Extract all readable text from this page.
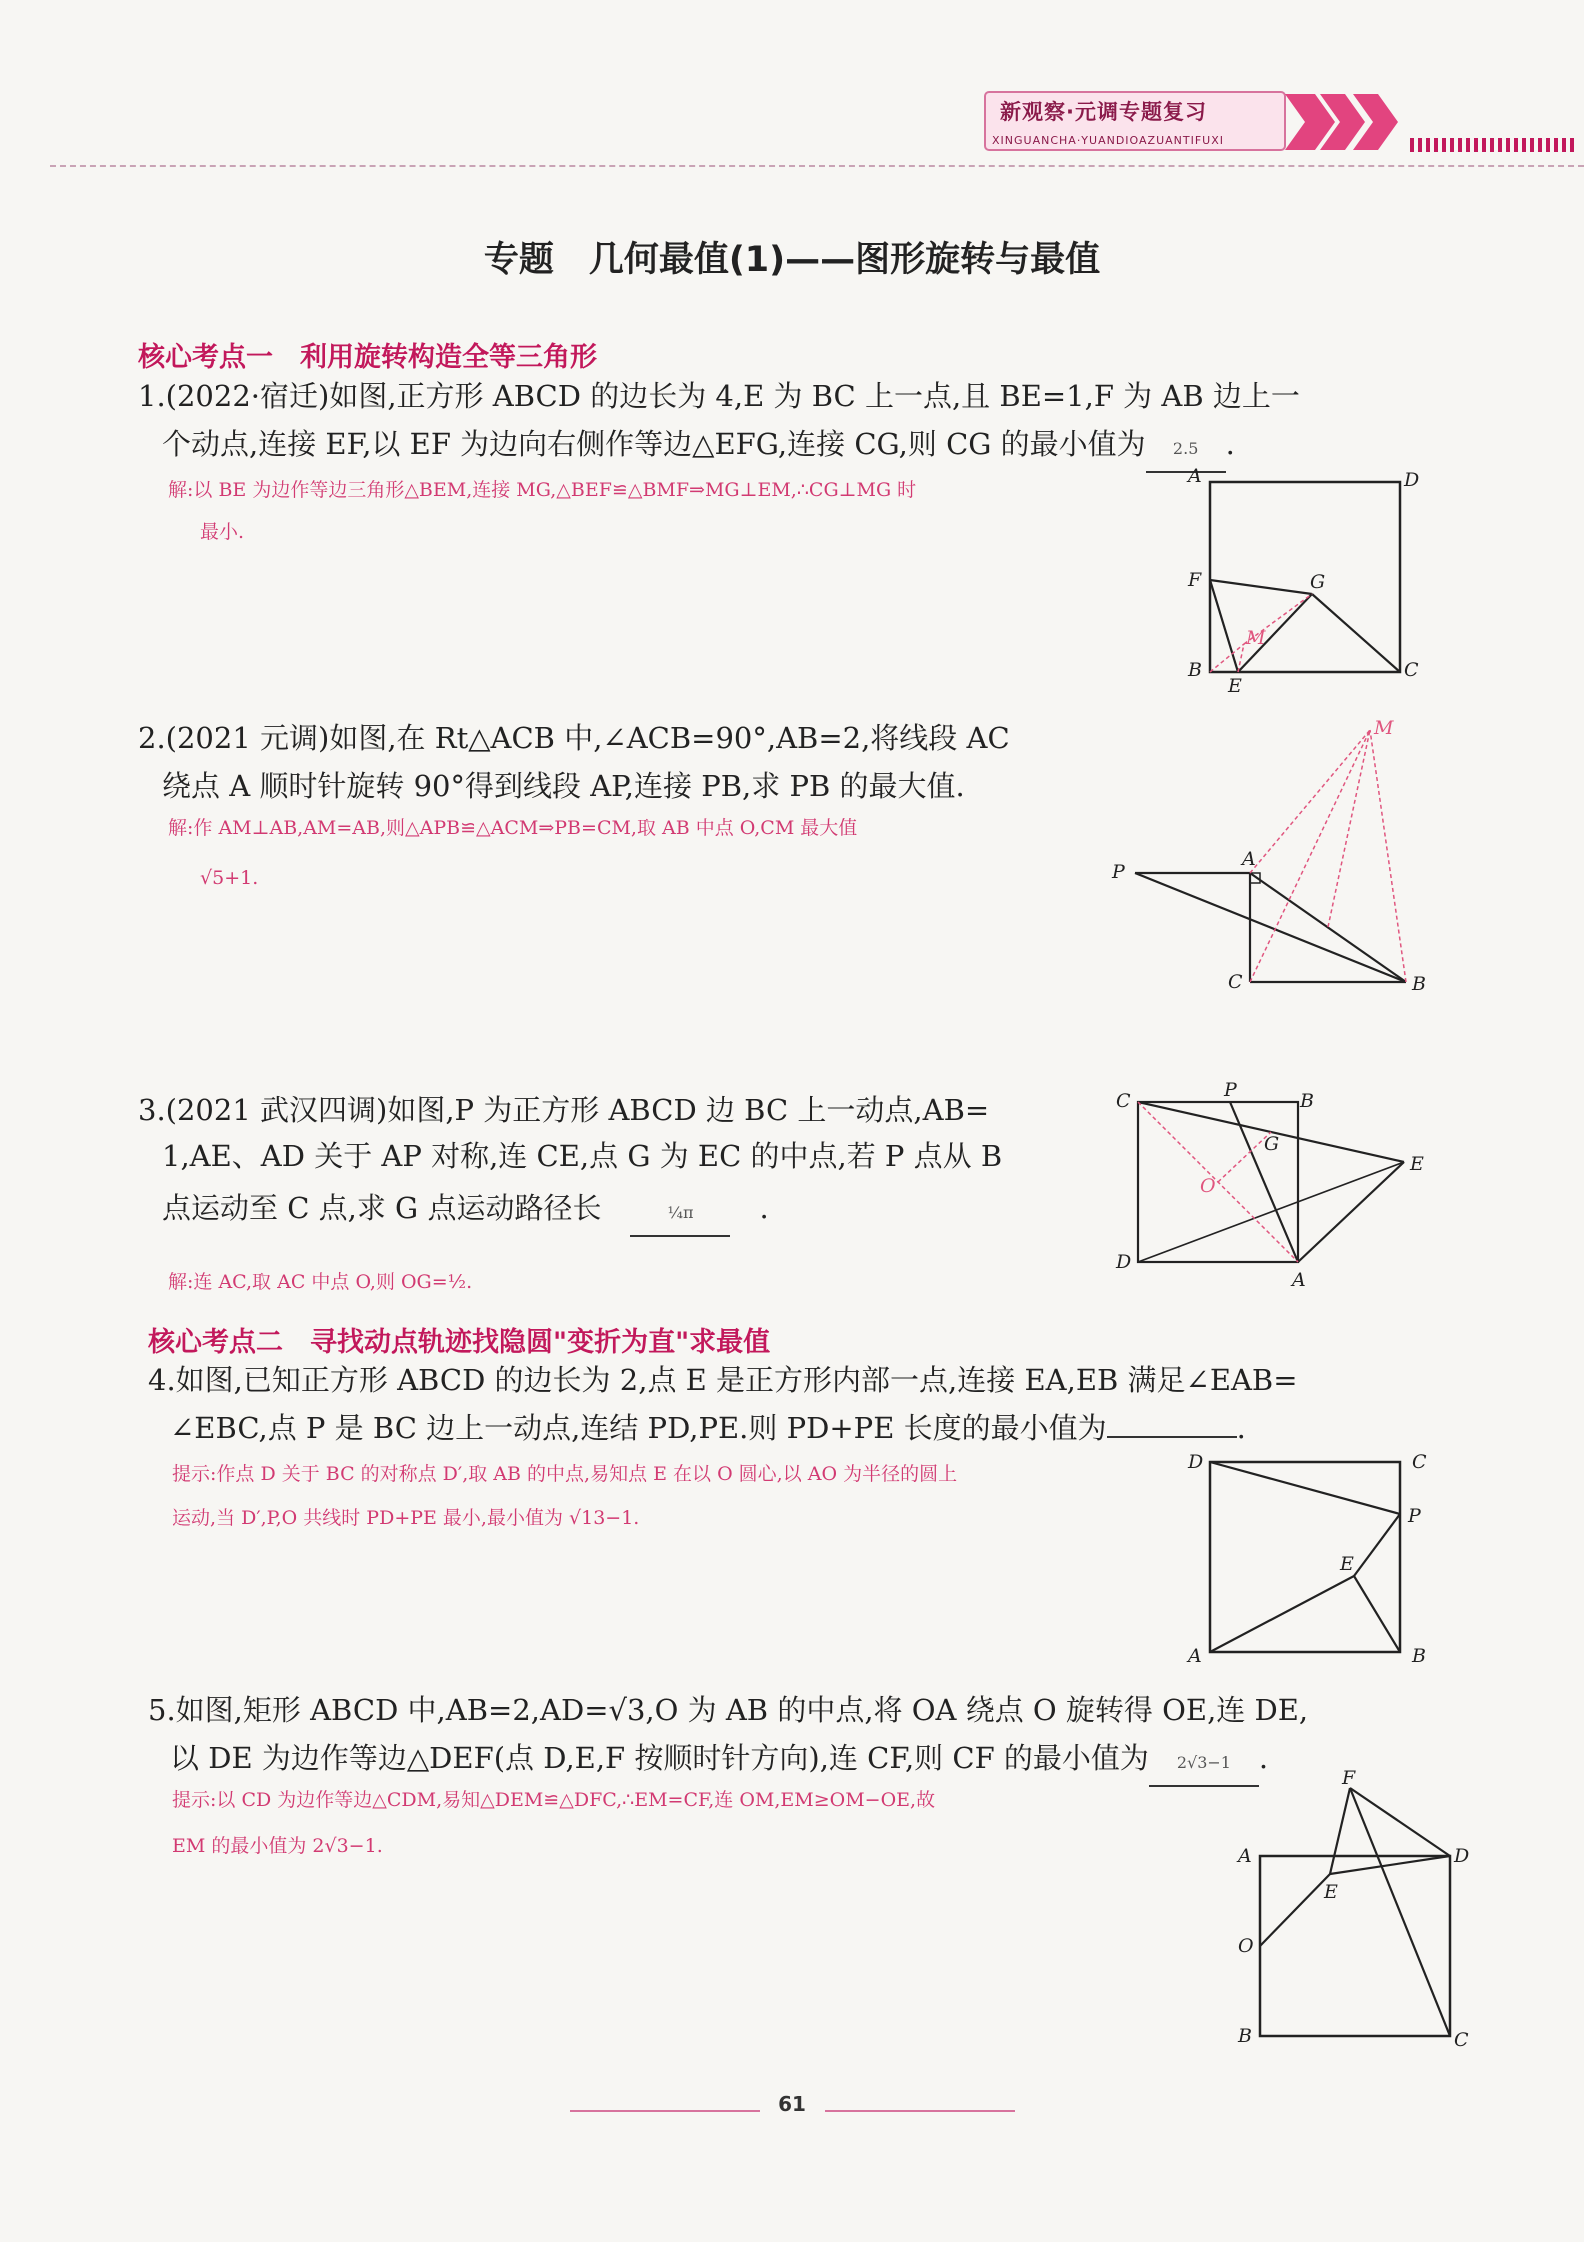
新观察·元调专题复习
XINGUANCHA·YUANDIOAZUANTIFUXI
专题　几何最值(1)——图形旋转与最值
核心考点一　利用旋转构造全等三角形
1.(2022·宿迁)如图,正方形 ABCD 的边长为 4,E 为 BC 上一点,且 BE=1,F 为 AB 边上一
个动点,连接 EF,以 EF 为边向右侧作等边△EFG,连接 CG,则 CG 的最小值为 2.5 .
解:以 BE 为边作等边三角形△BEM,连接 MG,△BEF≌△BMF⇒MG⊥EM,∴CG⊥MG 时
最小.
A	D
F	G
M
B
E
C
2.(2021 元调)如图,在 Rt△ACB 中,∠ACB=90°,AB=2,将线段 AC
绕点 A 顺时针旋转 90°得到线段 AP,连接 PB,求 PB 的最大值.
解:作 AM⊥AB,AM=AB,则△APB≌△ACM⇒PB=CM,取 AB 中点 O,CM 最大值
√5+1.	P
A
M
C	B
3.(2021 武汉四调)如图,P 为正方形 ABCD 边 BC 上一动点,AB=
1,AE、AD 关于 AP 对称,连 CE,点 G 为 EC 的中点,若 P 点从 B
点运动至 C 点,求 G 点运动路径长　	¼π　 .
解:连 AC,取 AC 中点 O,则 OG=½.
C	P	B
G
E
O
D
A
核心考点二　寻找动点轨迹找隐圆"变折为直"求最值
4.如图,已知正方形 ABCD 的边长为 2,点 E 是正方形内部一点,连接 EA,EB 满足∠EAB=
∠EBC,点 P 是 BC 边上一动点,连结 PD,PE.则 PD+PE 长度的最小值为	.
提示:作点 D 关于 BC 的对称点 D′,取 AB 的中点,易知点 E 在以 O 圆心,以 AO 为半径的圆上
运动,当 D′,P,O 共线时 PD+PE 最小,最小值为 √13−1.
D	C
P
E
A	B
5.如图,矩形 ABCD 中,AB=2,AD=√3,O 为 AB 的中点,将 OA 绕点 O 旋转得 OE,连 DE,
以 DE 为边作等边△DEF(点 D,E,F 按顺时针方向),连 CF,则 CF 的最小值为 2√3−1 .
提示:以 CD 为边作等边△CDM,易知△DEM≌△DFC,∴EM=CF,连 OM,EM≥OM−OE,故
EM 的最小值为 2√3−1.
F
A	D
E
O
B	C
61
